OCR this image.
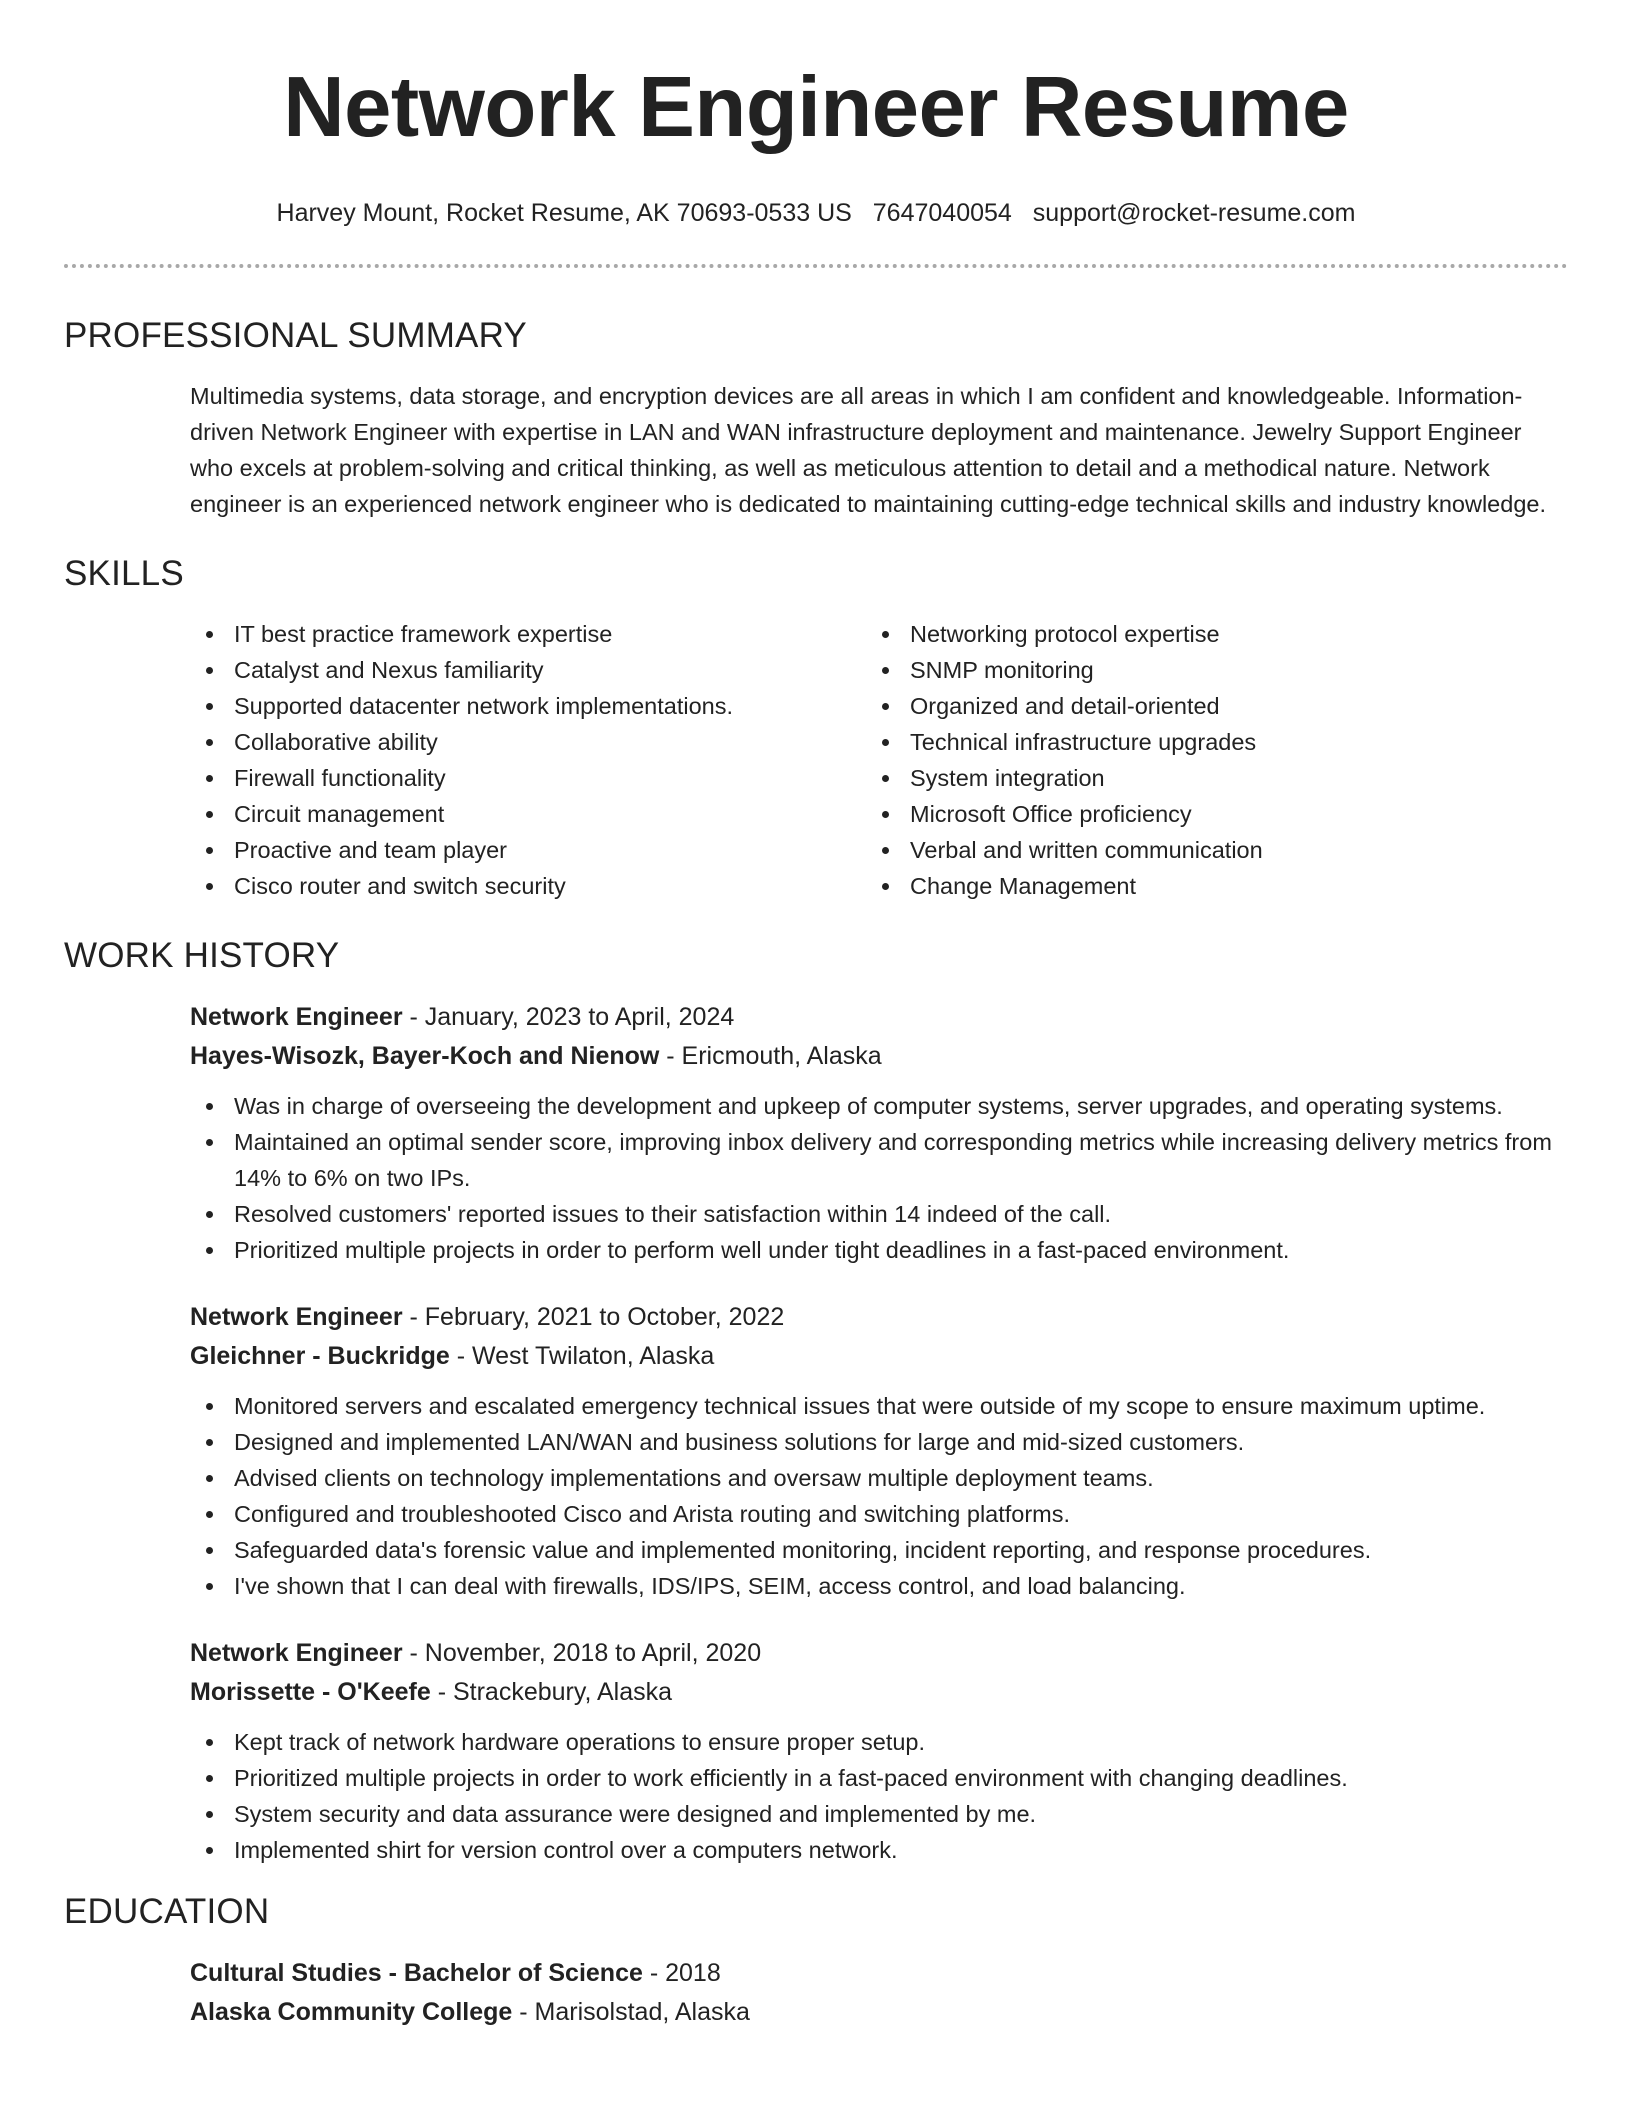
Network Engineer Resume
Harvey Mount, Rocket Resume, AK 70693-0533 US 7647040054 support@rocket-resume.com
PROFESSIONAL SUMMARY
Multimedia systems, data storage, and encryption devices are all areas in which I am confident and knowledgeable. Information-driven Network Engineer with expertise in LAN and WAN infrastructure deployment and maintenance. Jewelry Support Engineer who excels at problem-solving and critical thinking, as well as meticulous attention to detail and a methodical nature. Network engineer is an experienced network engineer who is dedicated to maintaining cutting-edge technical skills and industry knowledge.
SKILLS
IT best practice framework expertise
Catalyst and Nexus familiarity
Supported datacenter network implementations.
Collaborative ability
Firewall functionality
Circuit management
Proactive and team player
Cisco router and switch security
Networking protocol expertise
SNMP monitoring
Organized and detail-oriented
Technical infrastructure upgrades
System integration
Microsoft Office proficiency
Verbal and written communication
Change Management
WORK HISTORY
Network Engineer - January, 2023 to April, 2024
Hayes-Wisozk, Bayer-Koch and Nienow - Ericmouth, Alaska
Was in charge of overseeing the development and upkeep of computer systems, server upgrades, and operating systems.
Maintained an optimal sender score, improving inbox delivery and corresponding metrics while increasing delivery metrics from 14% to 6% on two IPs.
Resolved customers' reported issues to their satisfaction within 14 indeed of the call.
Prioritized multiple projects in order to perform well under tight deadlines in a fast-paced environment.
Network Engineer - February, 2021 to October, 2022
Gleichner - Buckridge - West Twilaton, Alaska
Monitored servers and escalated emergency technical issues that were outside of my scope to ensure maximum uptime.
Designed and implemented LAN/WAN and business solutions for large and mid-sized customers.
Advised clients on technology implementations and oversaw multiple deployment teams.
Configured and troubleshooted Cisco and Arista routing and switching platforms.
Safeguarded data's forensic value and implemented monitoring, incident reporting, and response procedures.
I've shown that I can deal with firewalls, IDS/IPS, SEIM, access control, and load balancing.
Network Engineer - November, 2018 to April, 2020
Morissette - O'Keefe - Strackebury, Alaska
Kept track of network hardware operations to ensure proper setup.
Prioritized multiple projects in order to work efficiently in a fast-paced environment with changing deadlines.
System security and data assurance were designed and implemented by me.
Implemented shirt for version control over a computers network.
EDUCATION
Cultural Studies - Bachelor of Science - 2018
Alaska Community College - Marisolstad, Alaska
